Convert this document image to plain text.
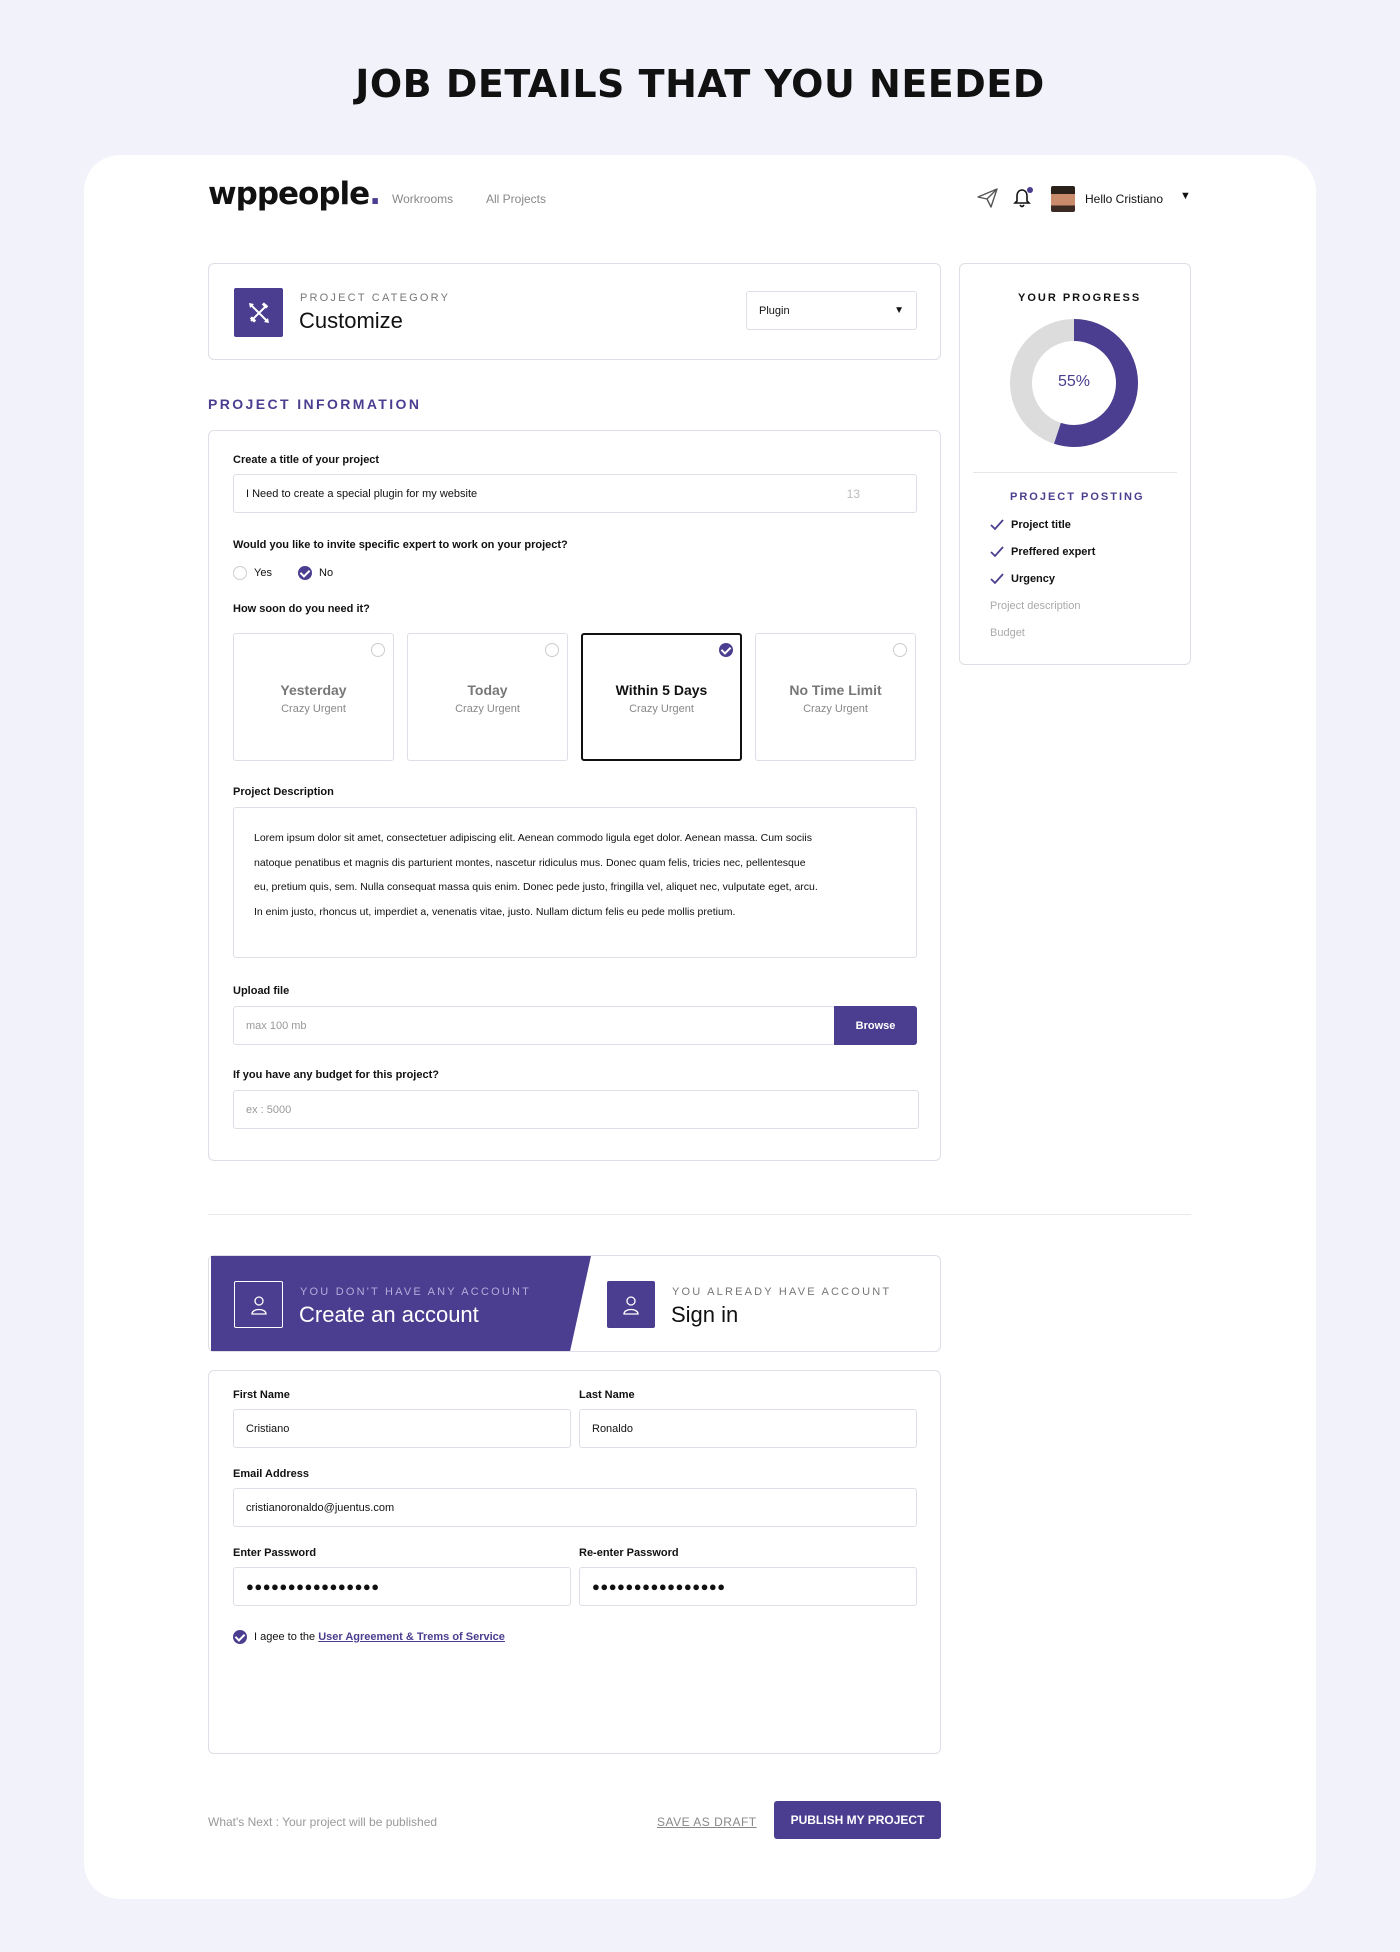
JOB DETAILS THAT YOU NEEDED
wppeople. Workrooms	All Projects	Hello Cristiano ▼
PROJECT CATEGORY
Customize	Plugin	▼
YOUR PROGRESS
55%
PROJECT POSTING
Project title
Preffered expert
Urgency
Project description
Budget
PROJECT INFORMATION
Create a title of your project
I Need to create a special plugin for my website	13
Would you like to invite specific expert to work on your project?
Yes	No
How soon do you need it?
Yesterday
Crazy Urgent
Today
Crazy Urgent
Within 5 Days
Crazy Urgent
No Time Limit
Crazy Urgent
Project Description
Lorem ipsum dolor sit amet, consectetuer adipiscing elit. Aenean commodo ligula eget dolor. Aenean massa. Cum sociis
natoque penatibus et magnis dis parturient montes, nascetur ridiculus mus. Donec quam felis, tricies nec, pellentesque
eu, pretium quis, sem. Nulla consequat massa quis enim. Donec pede justo, fringilla vel, aliquet nec, vulputate eget, arcu.
In enim justo, rhoncus ut, imperdiet a, venenatis vitae, justo. Nullam dictum felis eu pede mollis pretium.
Upload file
max 100 mb	Browse
If you have any budget for this project?
ex : 5000
YOU DON'T HAVE ANY ACCOUNT
Create an account
YOU ALREADY HAVE ACCOUNT
Sign in
First Name
Cristiano
Last Name
Ronaldo
Email Address
cristianoronaldo@juentus.com
Enter Password
●●●●●●●●●●●●●●●●
Re-enter Password
●●●●●●●●●●●●●●●●
I agee to the User Agreement & Trems of Service
What's Next : Your project will be published	SAVE AS DRAFT	PUBLISH MY PROJECT
